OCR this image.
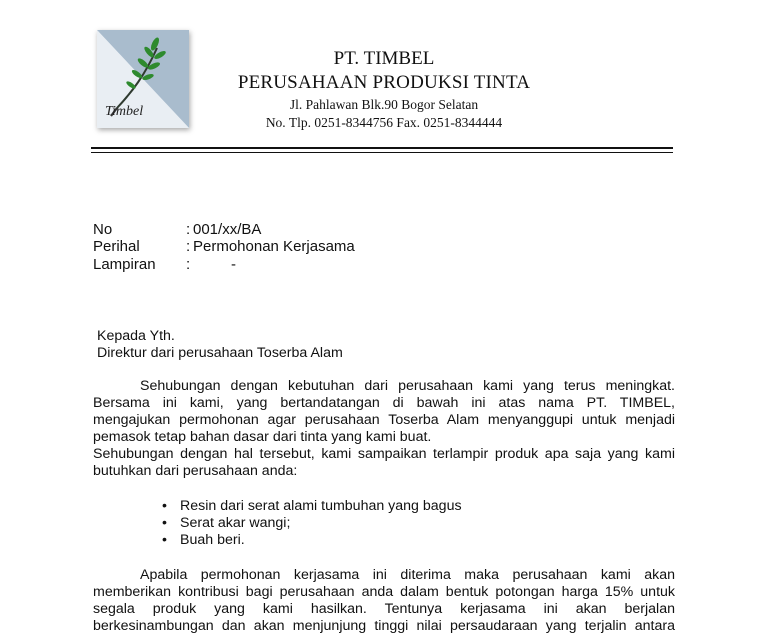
Timbel
PT. TIMBEL
PERUSAHAAN PRODUKSI TINTA
Jl. Pahlawan Blk.90 Bogor Selatan
No. Tlp. 0251-8344756 Fax. 0251-8344444
No	: 001/xx/BA
Perihal	: Permohonan Kerjasama
Lampiran :	-
Kepada Yth.
Direktur dari perusahaan Toserba Alam
Sehubungan dengan kebutuhan dari perusahaan kami yang terus meningkat.
Bersama ini kami, yang bertandatangan di bawah ini atas nama PT. TIMBEL,
mengajukan permohonan agar perusahaan Toserba Alam menyanggupi untuk menjadi
pemasok tetap bahan dasar dari tinta yang kami buat.
Sehubungan dengan hal tersebut, kami sampaikan terlampir produk apa saja yang kami
butuhkan dari perusahaan anda:
• Resin dari serat alami tumbuhan yang bagus
• Serat akar wangi;
• Buah beri.
Apabila permohonan kerjasama ini diterima maka perusahaan kami akan
memberikan kontribusi bagi perusahaan anda dalam bentuk potongan harga 15% untuk
segala produk yang kami hasilkan. Tentunya kerjasama ini akan berjalan
berkesinambungan dan akan menjunjung tinggi nilai persaudaraan yang terjalin antara
